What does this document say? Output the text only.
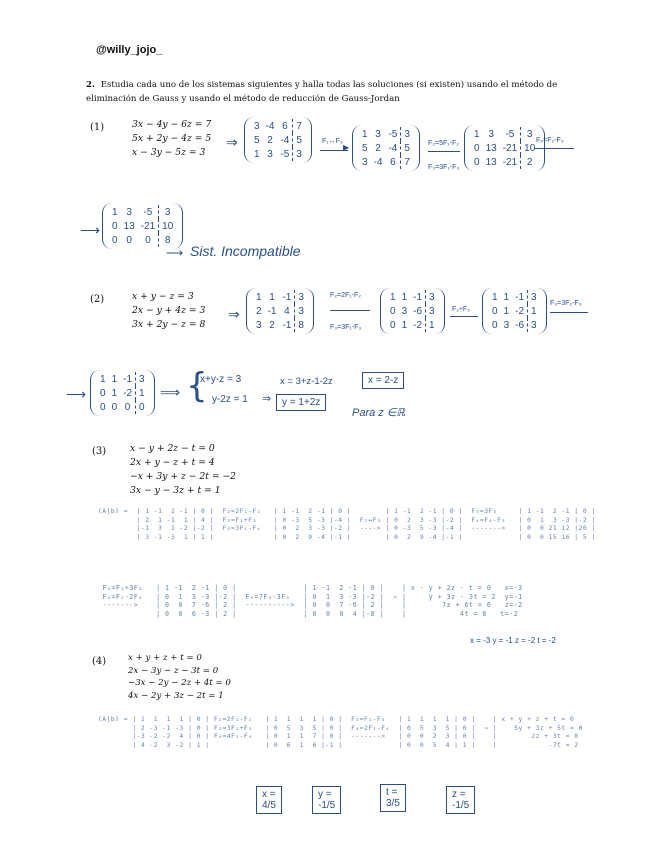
@willy_jojo_
2. Estudia cada uno de los sistemas siguientes y halla todas las soluciones (si existen) usando el método de eliminación de Gauss y usando el método de reducción de Gauss-Jordan
(1)	3x − 4y − 6z = 7
5x + 2y − 4z = 5
x − 3y − 5z = 3
⇒
3	-4	6	7
5	2	-4	5
1	3	-5	3
F₁↔F₃
▶
1	3	-5	3
5	2	-4	5
3	-4	6	7
F₂=5F₁-F₂
F₃=3F₁-F₃
1	3	-5	3
0	13	-21	10
0	13	-21	2
F₃=F₂-F₃
⟶
1	3	-5	3
0	13	-21	10
0	0	0	8
⟶ Sist. Incompatible
(2)	x + y − z = 3
2x − y + 4z = 3
3x + 2y − z = 8
⇒
1	1	-1	3
2	-1	4	3
3	2	-1	8
F₂=2F₁-F₂
F₃=3F₁-F₃
1	1	-1	3
0	3	-6	3
0	1	-2	1
F₂÷F₃
1	1	-1	3
0	1	-2	1
0	3	-6	3
F₃=3F₂-F₃
⟶
1	1	-1	3
0	1	-2	1
0	0	0	0
⟹ {
x+y-z = 3
y-2z = 1
x = 3+z-1-2z	x = 2-z
⇒	y = 1+2z
Para z ∈ℝ
(3)	x − y + 2z − t = 0
2x + y − z + t = 4
−x + 3y + z − 2t = −2
3x − y − 3z + t = 1
(A|b) =  | 1 -1  2 -1 | 0 |  F₂=2F₁-F₂   | 1 -1  2 -1 | 0 |        | 1 -1  2 -1 | 0 |  F₃=3F₃     | 1 -1  2 -1 | 0 |
| 2  1 -1  1 | 4 |  F₃=F₁+F₃    | 0 -3  5 -3 |-4 |  F₂↔F₃ | 0  2  3 -3 |-2 |  F₄=F₄-F₃   | 0  1  3 -3 |-2 |
|-1  3  1 -2 |-2 |  F₄=3F₁-F₄   | 0  2  3 -3 |-2 |  ----> | 0 -3  5 -3 |-4 |  ------->   | 0  0 21 12 |20 |
| 3 -1 -3  1 | 1 |              | 0  2  9 -4 |-1 |        | 0  2  9 -4 |-1 |             | 0  0 15 16 | 5 |
F₃=F₂+3F₃   | 1 -1  2 -1 | 0 |               | 1 -1  2 -1 | 0 |    | x - y + 2z - t = 0   x=-3
F₄=F₂-2F₄   | 0  1  3 -3 |-2 |  F₄=7F₃-3F₄   | 0  1  3 -3 |-2 |  ⇒ |     y + 3z - 3t = 2  y=-1
------->    | 0  0  7 -6 | 2 |  ---------->  | 0  0  7 -6 | 2 |    |        7z + 6t = 6   z=-2
| 0  0  6 -3 | 2 |               | 0  0  0  4 |-8 |    |            4t = 8   t=-2
x = -3 y = -1 z = -2 t = -2
(4)	x + y + z + t = 0
2x − 3y − z − 3t = 0
−3x − 2y − 2z + 4t = 0
4x − 2y + 3z − 2t = 1
(A|b) = | 1  1  1  1 | 0 | F₂=2F₁-F₂   | 1  1  1  1 | 0 |  F₃=F₂-F₃   | 1  1  1  1 | 0 |    | x + y + z + t = 0
| 2 -3 -1 -3 | 0 | F₃=3F₁+F₃   | 0  5  3  5 | 0 |  F₄=2F₂-F₄  | 0  5  3  5 | 0 |  ⇒ |    5y + 3z + 5t = 0
|-3 -2 -2  4 | 0 | F₄=4F₁-F₄   | 0  1  1  7 | 0 |  ------->   | 0  0  2  3 | 0 |    |        2z + 3t = 0
| 4 -2  3 -2 | 1 |             | 0  6  1  6 |-1 |             | 0  0  5  4 | 1 |    |            -7t = 2
x = 4/5
y = -1/5
t = 3/5
z = -1/5
